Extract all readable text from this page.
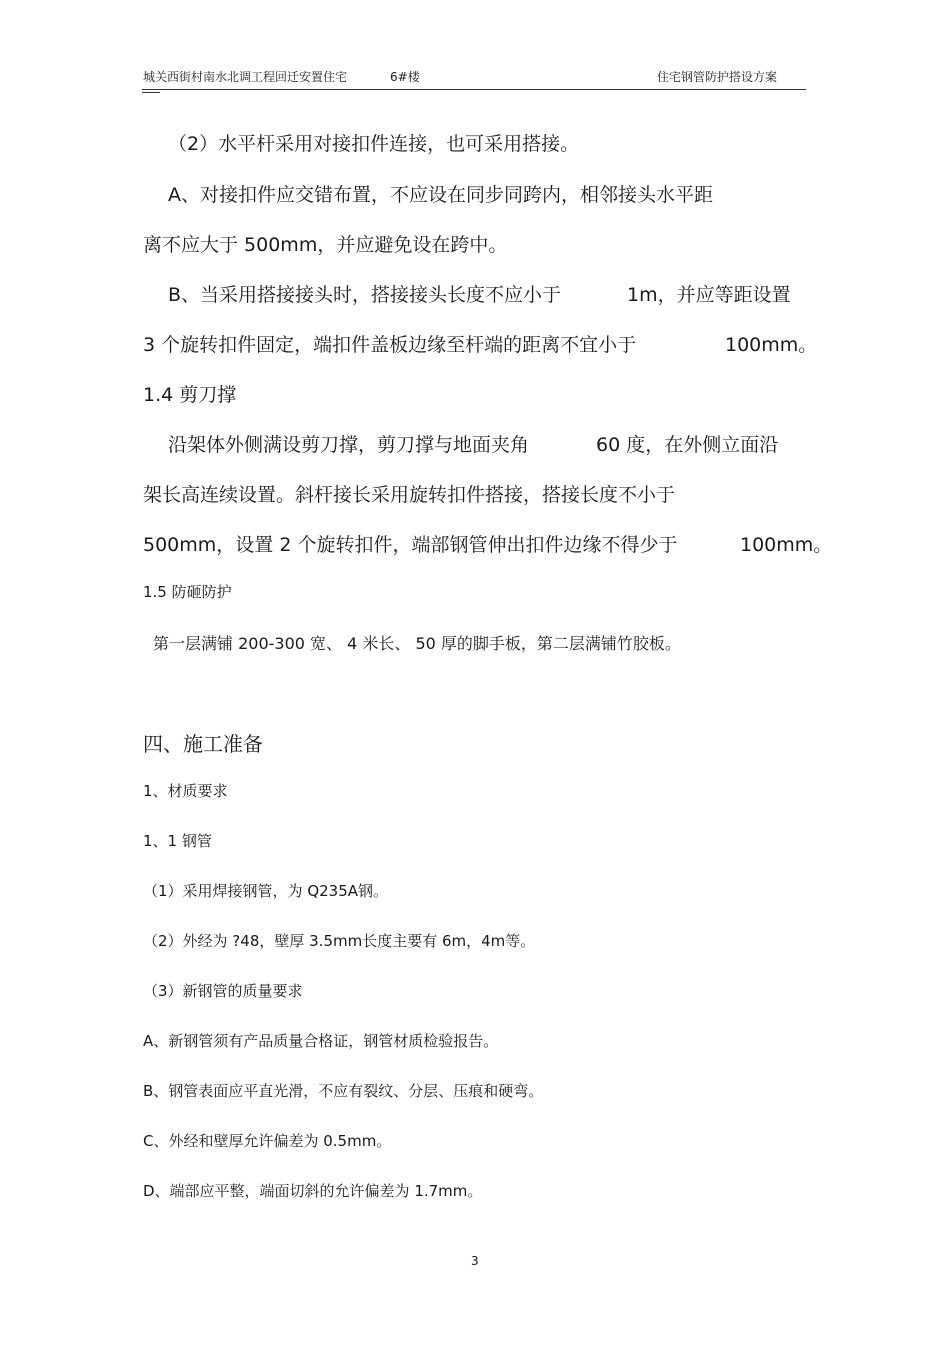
城关西街村南水北调工程回迁安置住宅	6#楼	住宅钢管防护搭设方案
（2）水平杆采用对接扣件连接，也可采用搭接。
A、对接扣件应交错布置，不应设在同步同跨内，相邻接头水平距
离不应大于 500mm，并应避免设在跨中。
B、当采用搭接接头时，搭接接头长度不应小于	1m，并应等距设置
3 个旋转扣件固定，端扣件盖板边缘至杆端的距离不宜小于	100mm。
1.4 剪刀撑
沿架体外侧满设剪刀撑，剪刀撑与地面夹角	60 度，在外侧立面沿
架长高连续设置。斜杆接长采用旋转扣件搭接，搭接长度不小于
500mm，设置 2 个旋转扣件，端部钢管伸出扣件边缘不得少于	100mm。
1.5 防砸防护
第一层满铺 200-300 宽、 4 米长、 50 厚的脚手板，第二层满铺竹胶板。
四、施工准备
1、材质要求
1、1 钢管
（1）采用焊接钢管，为 Q235A钢。
（2）外经为 ?48，壁厚 3.5mm长度主要有 6m，4m等。
（3）新钢管的质量要求
A、新钢管须有产品质量合格证，钢管材质检验报告。
B、钢管表面应平直光滑，不应有裂纹、分层、压痕和硬弯。
C、外经和壁厚允许偏差为 0.5mm。
D、端部应平整，端面切斜的允许偏差为 1.7mm。
3
